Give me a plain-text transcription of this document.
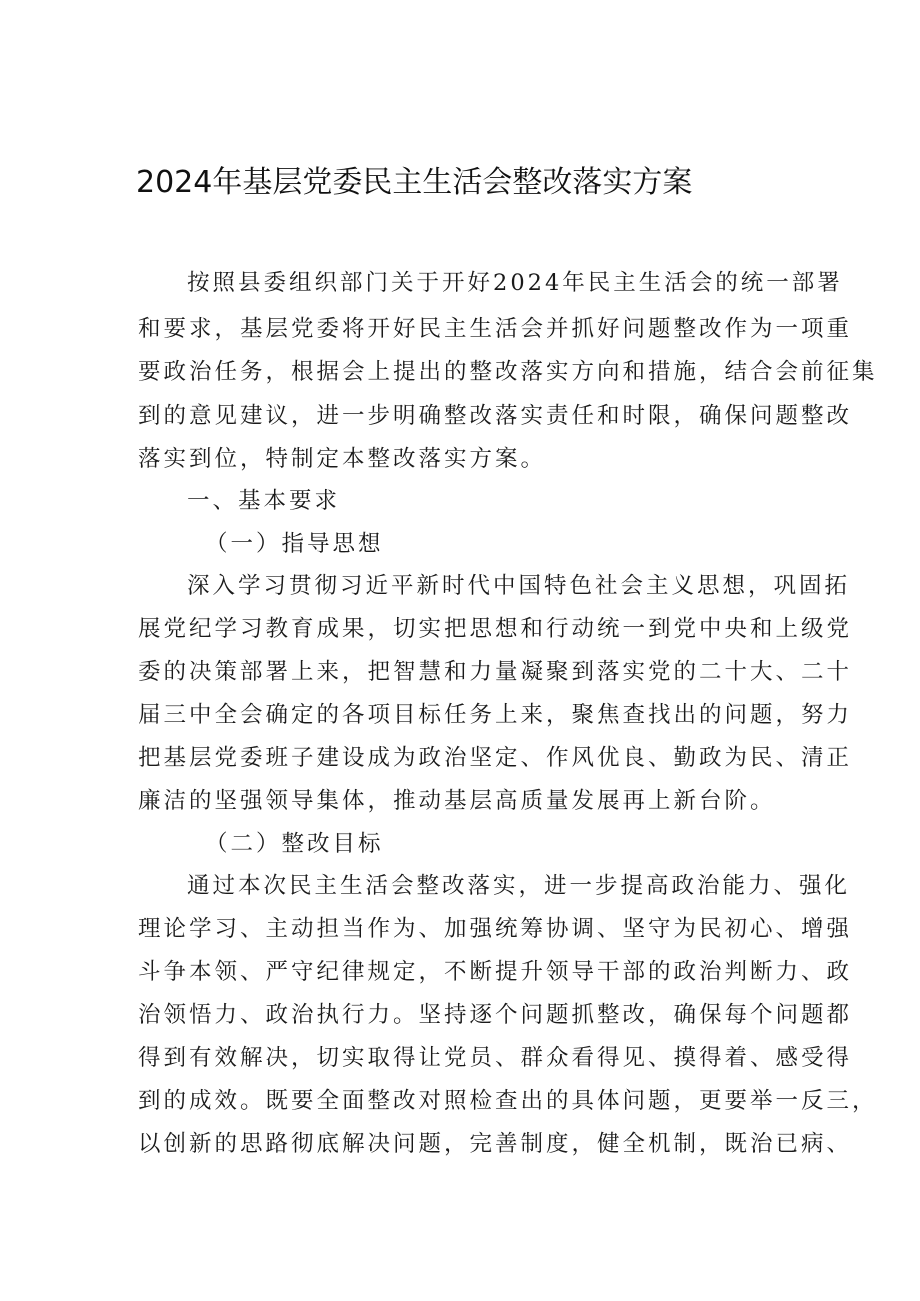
2024年基层党委民主生活会整改落实方案

按照县委组织部门关于开好2024年民主生活会的统一部署

和要求，基层党委将开好民主生活会并抓好问题整改作为一项重

要政治任务，根据会上提出的整改落实方向和措施，结合会前征集

到的意见建议，进一步明确整改落实责任和时限，确保问题整改

落实到位，特制定本整改落实方案。

一、基本要求

（一）指导思想

深入学习贯彻习近平新时代中国特色社会主义思想，巩固拓

展党纪学习教育成果，切实把思想和行动统一到党中央和上级党

委的决策部署上来，把智慧和力量凝聚到落实党的二十大、二十

届三中全会确定的各项目标任务上来，聚焦查找出的问题，努力

把基层党委班子建设成为政治坚定、作风优良、勤政为民、清正

廉洁的坚强领导集体，推动基层高质量发展再上新台阶。

（二）整改目标

通过本次民主生活会整改落实，进一步提高政治能力、强化

理论学习、主动担当作为、加强统筹协调、坚守为民初心、增强

斗争本领、严守纪律规定，不断提升领导干部的政治判断力、政

治领悟力、政治执行力。坚持逐个问题抓整改，确保每个问题都

得到有效解决，切实取得让党员、群众看得见、摸得着、感受得

到的成效。既要全面整改对照检查出的具体问题，更要举一反三，

以创新的思路彻底解决问题，完善制度，健全机制，既治已病、
